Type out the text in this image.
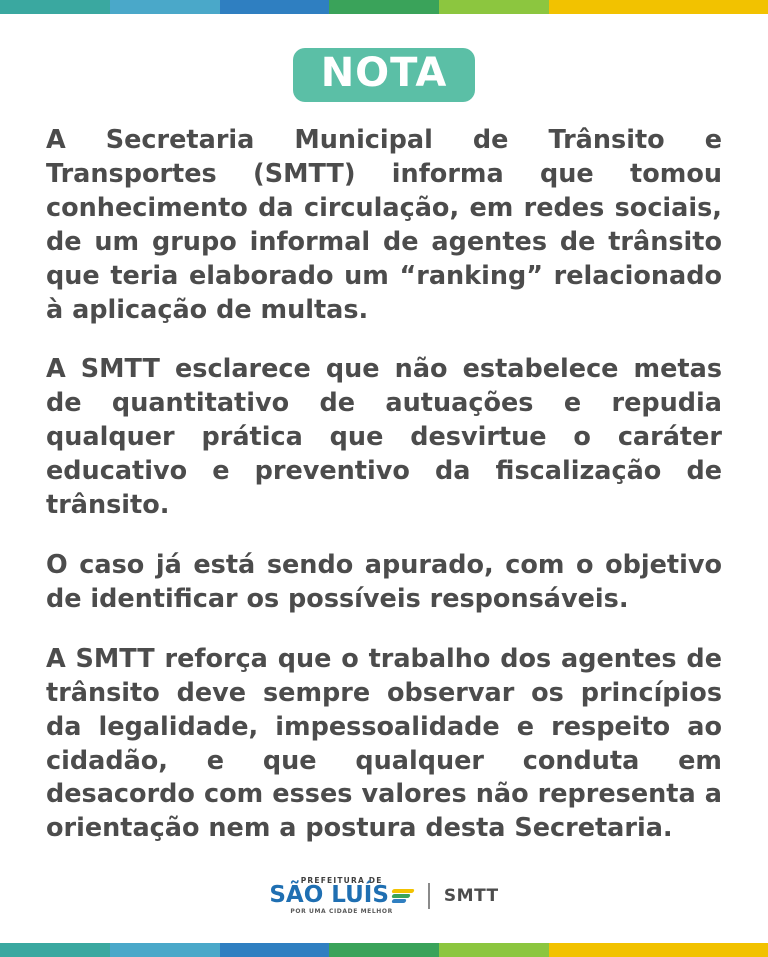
NOTA

A Secretaria Municipal de Trânsito e Transportes (SMTT) informa que tomou conhecimento da circulação, em redes sociais, de um grupo informal de agentes de trânsito que teria elaborado um “ranking” relacionado à aplicação de multas.

A SMTT esclarece que não estabelece metas de quantitativo de autuações e repudia qualquer prática que desvirtue o caráter educativo e preventivo da fiscalização de trânsito.

O caso já está sendo apurado, com o objetivo de identificar os possíveis responsáveis.

A SMTT reforça que o trabalho dos agentes de trânsito deve sempre observar os princípios da legalidade, impessoalidade e respeito ao cidadão, e que qualquer conduta em desacordo com esses valores não representa a orientação nem a postura desta Secretaria.

PREFEITURA DE
SÃO LUÍS
POR UMA CIDADE MELHOR
SMTT
